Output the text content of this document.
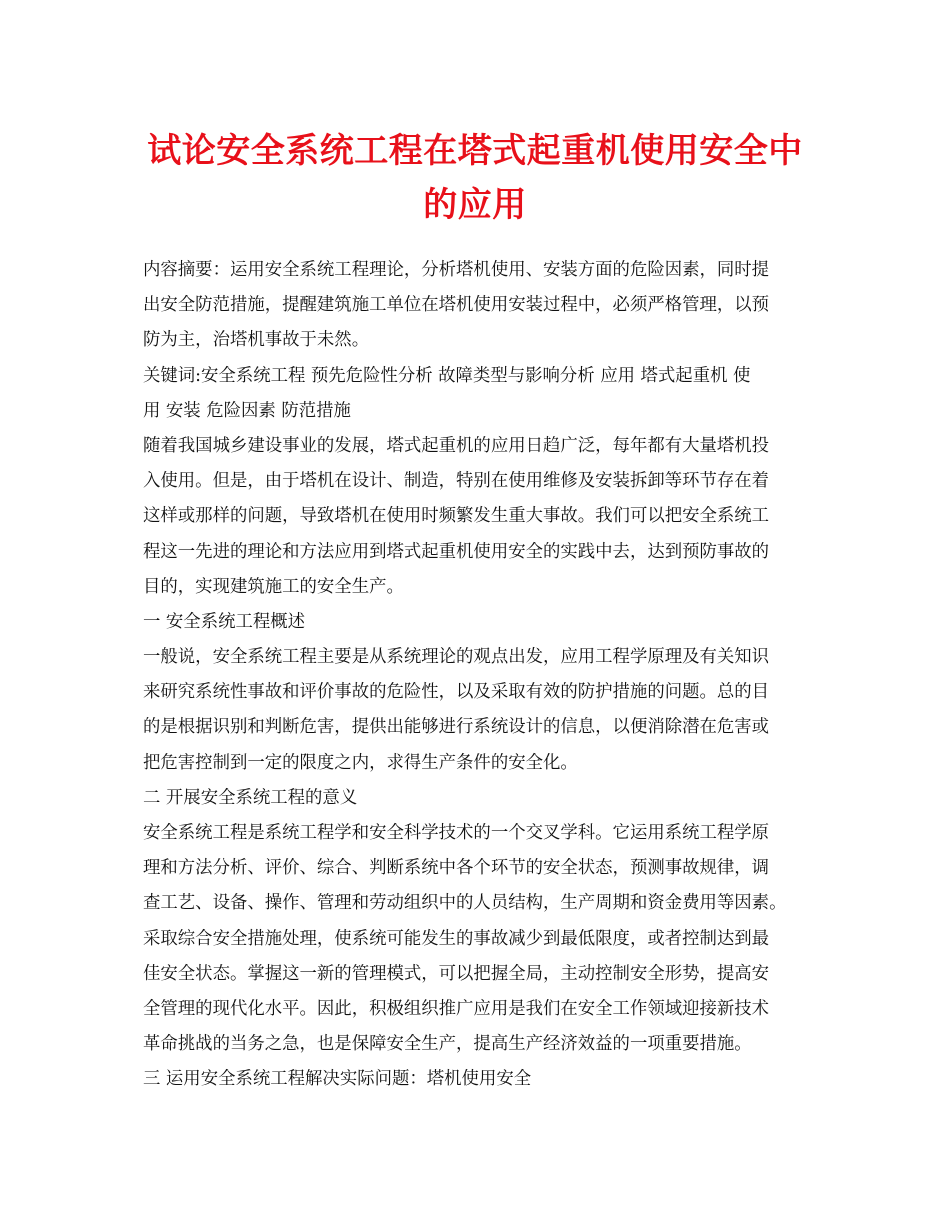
试论安全系统工程在塔式起重机使用安全中
的应用
内容摘要：运用安全系统工程理论，分析塔机使用、安装方面的危险因素，同时提
出安全防范措施，提醒建筑施工单位在塔机使用安装过程中，必须严格管理，以预
防为主，治塔机事故于未然。
关键词:安全系统工程 预先危险性分析 故障类型与影响分析 应用 塔式起重机 使
用 安装 危险因素 防范措施
随着我国城乡建设事业的发展，塔式起重机的应用日趋广泛，每年都有大量塔机投
入使用。但是，由于塔机在设计、制造，特别在使用维修及安装拆卸等环节存在着
这样或那样的问题，导致塔机在使用时频繁发生重大事故。我们可以把安全系统工
程这一先进的理论和方法应用到塔式起重机使用安全的实践中去，达到预防事故的
目的，实现建筑施工的安全生产。
一 安全系统工程概述
一般说，安全系统工程主要是从系统理论的观点出发，应用工程学原理及有关知识
来研究系统性事故和评价事故的危险性，以及采取有效的防护措施的问题。总的目
的是根据识别和判断危害，提供出能够进行系统设计的信息，以便消除潜在危害或
把危害控制到一定的限度之内，求得生产条件的安全化。
二 开展安全系统工程的意义
安全系统工程是系统工程学和安全科学技术的一个交叉学科。它运用系统工程学原
理和方法分析、评价、综合、判断系统中各个环节的安全状态，预测事故规律，调
查工艺、设备、操作、管理和劳动组织中的人员结构，生产周期和资金费用等因素。
采取综合安全措施处理，使系统可能发生的事故减少到最低限度，或者控制达到最
佳安全状态。掌握这一新的管理模式，可以把握全局，主动控制安全形势，提高安
全管理的现代化水平。因此，积极组织推广应用是我们在安全工作领域迎接新技术
革命挑战的当务之急，也是保障安全生产，提高生产经济效益的一项重要措施。
三 运用安全系统工程解决实际问题：塔机使用安全
